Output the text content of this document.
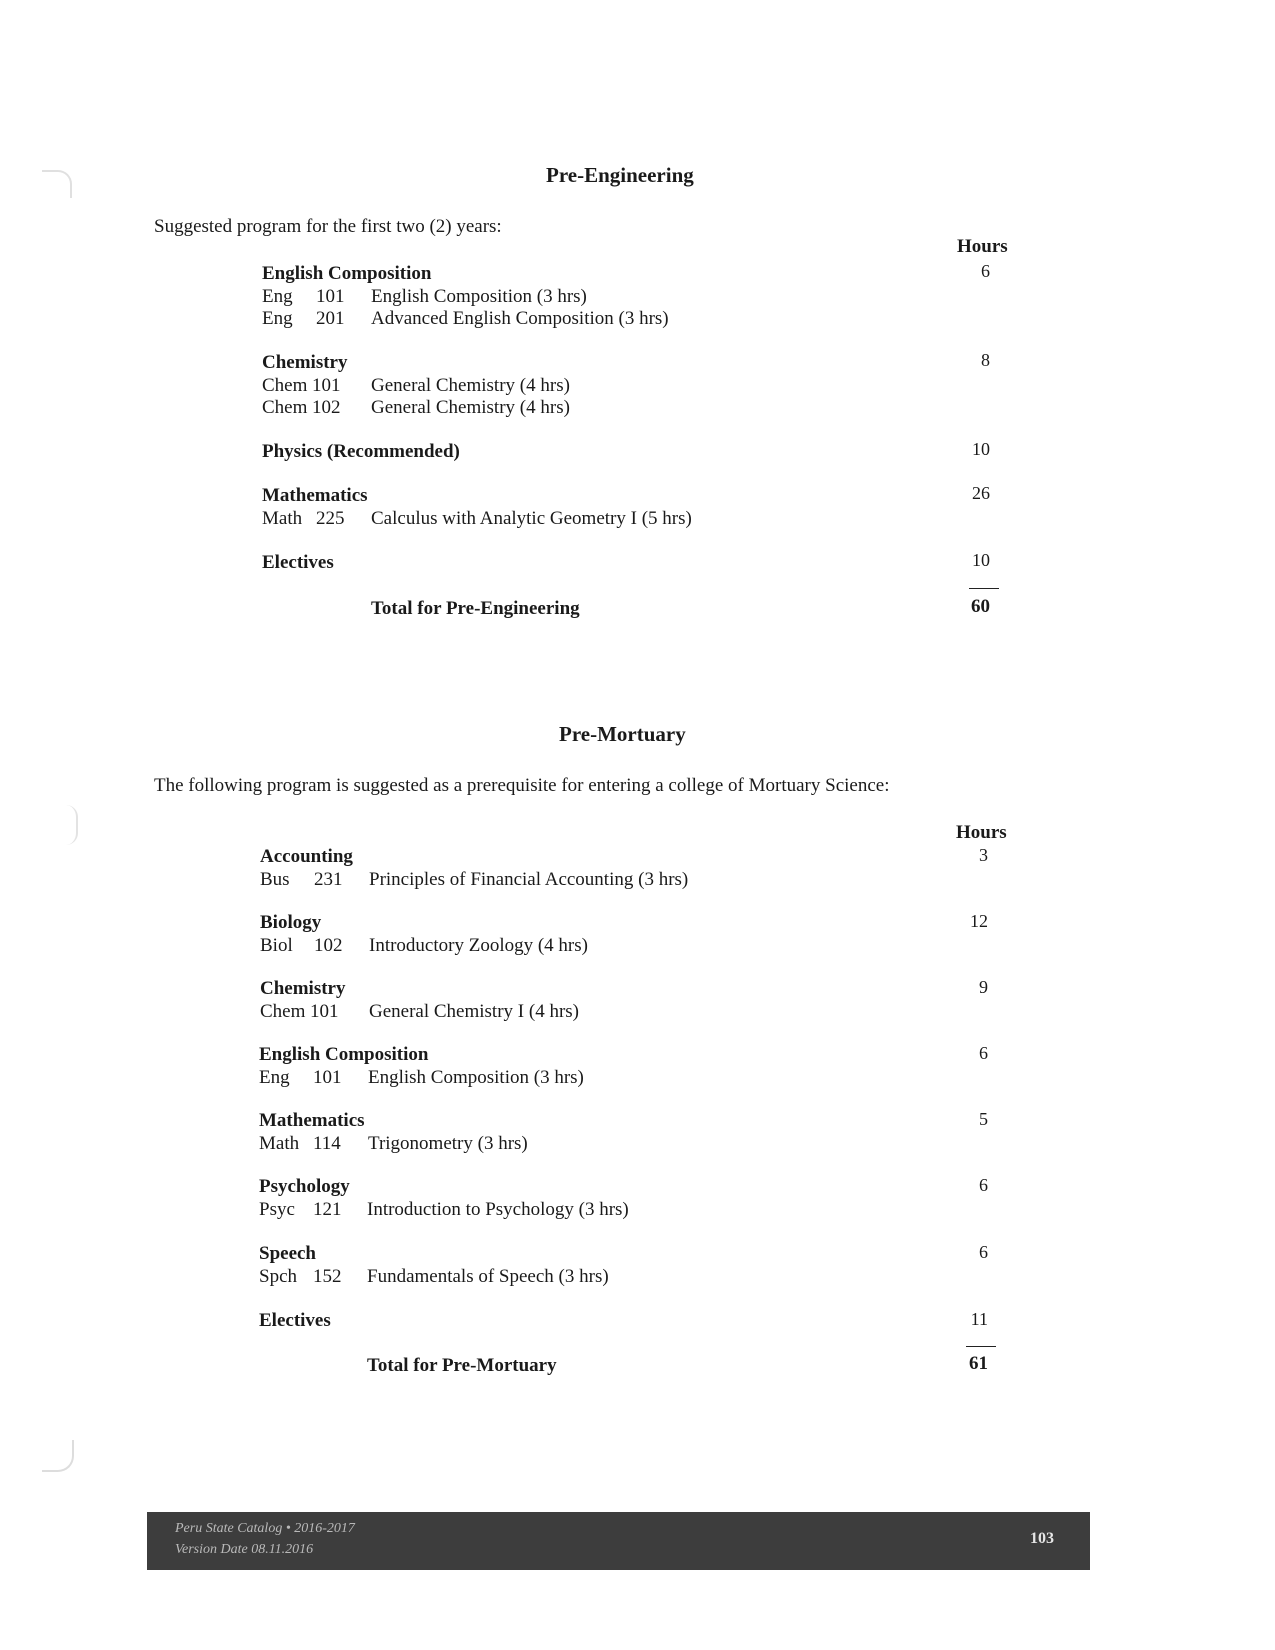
Pre-Engineering
Suggested program for the first two (2) years:
Hours
English Composition	6
Eng 101 English Composition (3 hrs)
Eng 201 Advanced English Composition (3 hrs)
Chemistry	8
Chem 101 General Chemistry (4 hrs)
Chem 102 General Chemistry (4 hrs)
Physics (Recommended)	10
Mathematics	26
Math 225 Calculus with Analytic Geometry I (5 hrs)
Electives	10
Total for Pre-Engineering	60
Pre-Mortuary
The following program is suggested as a prerequisite for entering a college of Mortuary Science:
Hours
Accounting	3
Bus 231 Principles of Financial Accounting (3 hrs)
Biology	12
Biol 102 Introductory Zoology (4 hrs)
Chemistry	9
Chem 101 General Chemistry I (4 hrs)
English Composition	6
Eng 101 English Composition (3 hrs)
Mathematics	5
Math 114 Trigonometry (3 hrs)
Psychology	6
Psyc 121 Introduction to Psychology (3 hrs)
Speech	6
Spch 152 Fundamentals of Speech (3 hrs)
Electives	11
Total for Pre-Mortuary	61
Peru State Catalog • 2016-2017
Version Date 08.11.2016
103
